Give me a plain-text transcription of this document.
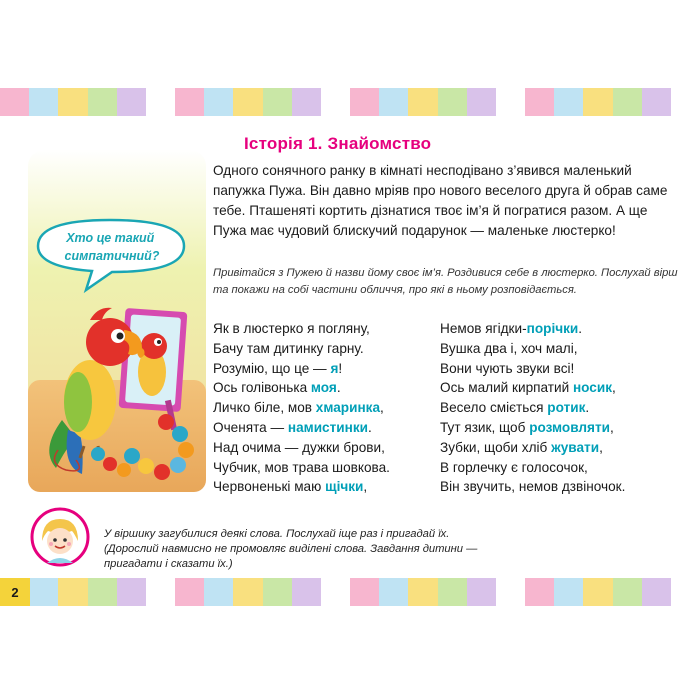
2
Історія 1. Знайомство

Одного сонячного ранку в кімнаті несподівано з’явився маленький папужка Пужа. Він давно мріяв про нового веселого друга й обрав саме тебе. Пташеняті кортить дізнатися твоє ім’я й погратися разом. А ще Пужа має чудовий блискучий подарунок — маленьке люстерко!

Привітайся з Пужею й назви йому своє ім’я. Роздивися себе в люстерко. Послухай вірш та покажи на собі частини обличчя, про які в ньому розповідається.

Як в люстерко я погляну,
Бачу там дитинку гарну.
Розумію, що це — я!
Ось голівонька моя.
Личко біле, мов хмаринка,
Оченята — намистинки.
Над очима — дужки брови,
Чубчик, мов трава шовкова.
Червоненькі маю щічки,
Немов ягідки-порічки.
Вушка два і, хоч малі,
Вони чують звуки всі!
Ось малий кирпатий носик,
Весело сміється ротик.
Тут язик, щоб розмовляти,
Зубки, щоби хліб жувати,
В горлечку є голосочок,
Він звучить, немов дзвіночок.
Хто це такий симпатичний?

У віршику загубилися деякі слова. Послухай іще раз і пригадай їх.
(Дорослий навмисно не промовляє виділені слова. Завдання дитини —
пригадати і сказати їх.)
